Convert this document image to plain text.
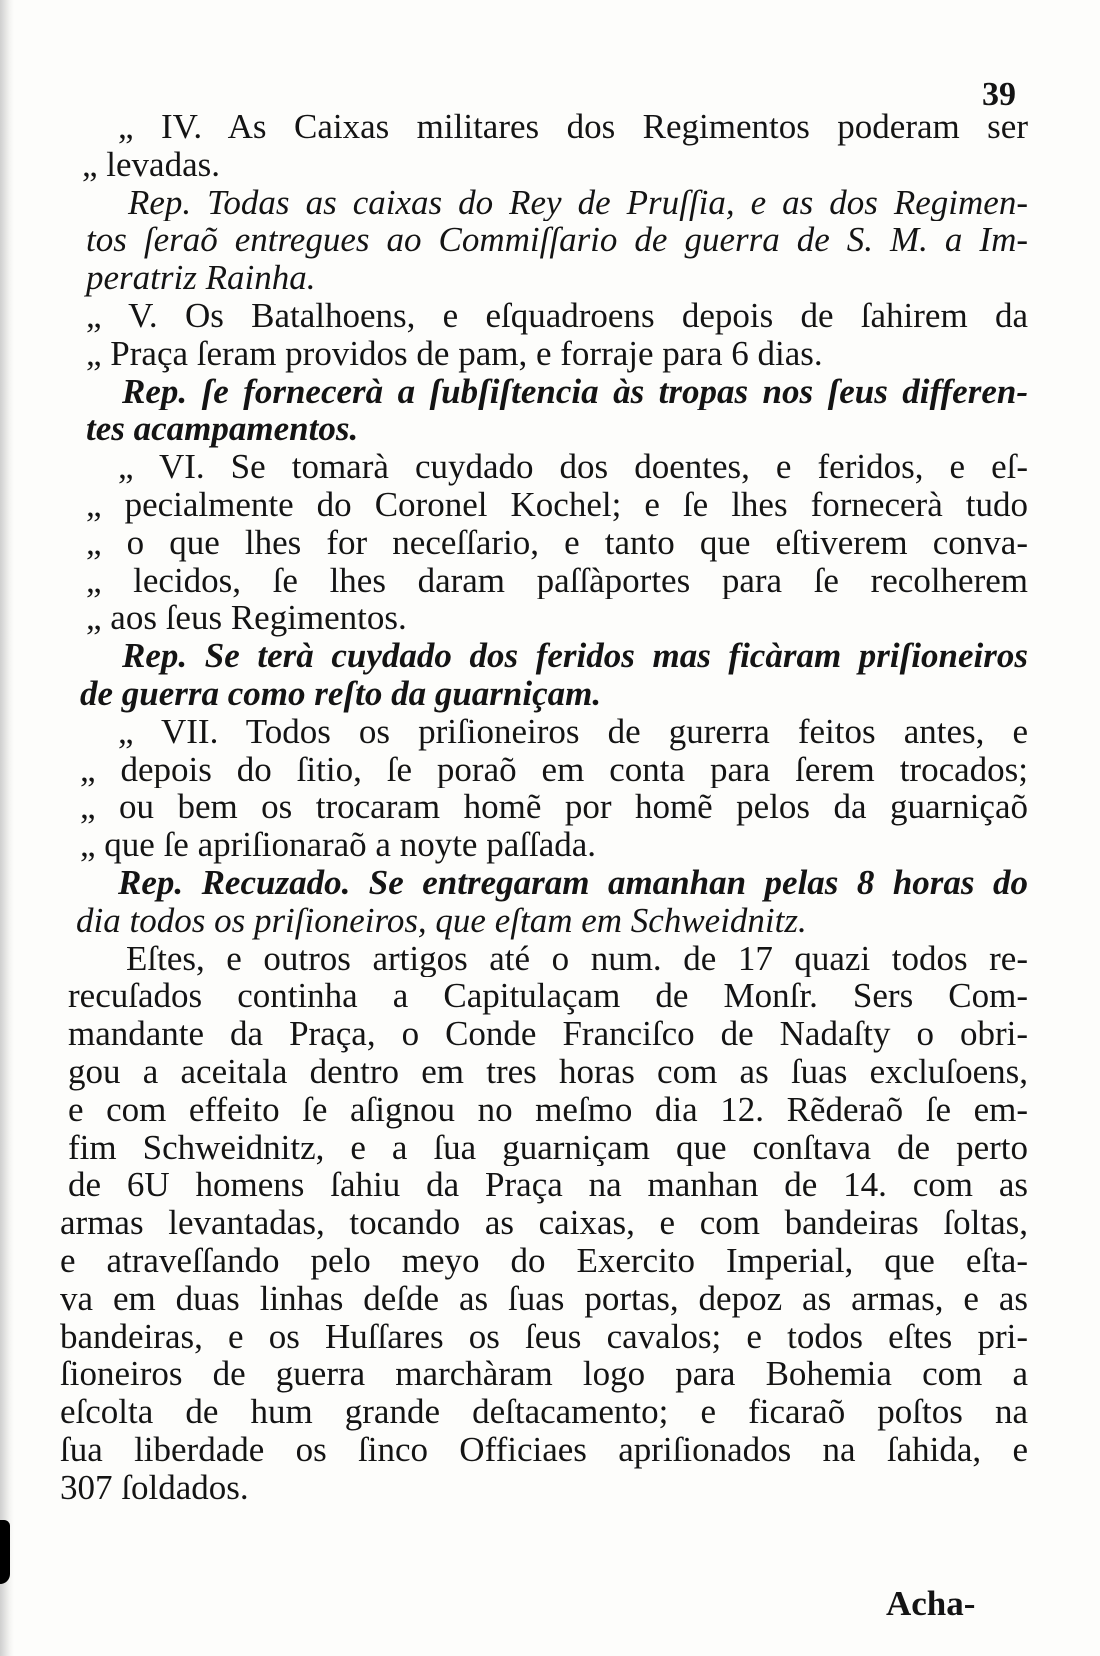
39
„ IV. As Caixas militares dos Regimentos poderam ser
„ levadas.
Rep. Todas as caixas do Rey de Pruſſia, e as dos Regimen-
tos ſeraõ entregues ao Commiſſario de guerra de S. M. a Im-
peratriz Rainha.
„ V. Os Batalhoens, e eſquadroens depois de ſahirem da
„ Praça ſeram providos de pam, e forraje para 6 dias.
Rep. ſe fornecerà a ſubſiſtencia às tropas nos ſeus differen-
tes acampamentos.
„ VI. Se tomarà cuydado dos doentes, e feridos, e eſ-
„ pecialmente do Coronel Kochel; e ſe lhes fornecerà tudo
„ o que lhes for neceſſario, e tanto que eſtiverem conva-
„ lecidos, ſe lhes daram paſſàportes para ſe recolherem
„ aos ſeus Regimentos.
Rep. Se terà cuydado dos feridos mas ficàram priſioneiros
de guerra como reſto da guarniçam.
„ VII. Todos os priſioneiros de gurerra feitos antes, e
„ depois do ſitio, ſe poraõ em conta para ſerem trocados;
„ ou bem os trocaram homẽ por homẽ pelos da guarniçaõ
„ que ſe apriſionaraõ a noyte paſſada.
Rep. Recuzado. Se entregaram amanhan pelas 8 horas do
dia todos os priſioneiros, que eſtam em Schweidnitz.
Eſtes, e outros artigos até o num. de 17 quazi todos re-
recuſados continha a Capitulaçam de Monſr. Sers Com-
mandante da Praça, o Conde Franciſco de Nadaſty o obri-
gou a aceitala dentro em tres horas com as ſuas excluſoens,
e com effeito ſe aſignou no meſmo dia 12. Rẽderaõ ſe em-
fim Schweidnitz, e a ſua guarniçam que conſtava de perto
de 6U homens ſahiu da Praça na manhan de 14. com as
armas levantadas, tocando as caixas, e com bandeiras ſoltas,
e atraveſſando pelo meyo do Exercito Imperial, que eſta-
va em duas linhas deſde as ſuas portas, depoz as armas, e as
bandeiras, e os Huſſares os ſeus cavalos; e todos eſtes pri-
ſioneiros de guerra marchàram logo para Bohemia com a
eſcolta de hum grande deſtacamento; e ficaraõ poſtos na
ſua liberdade os ſinco Officiaes apriſionados na ſahida, e
307 ſoldados.
Acha-
